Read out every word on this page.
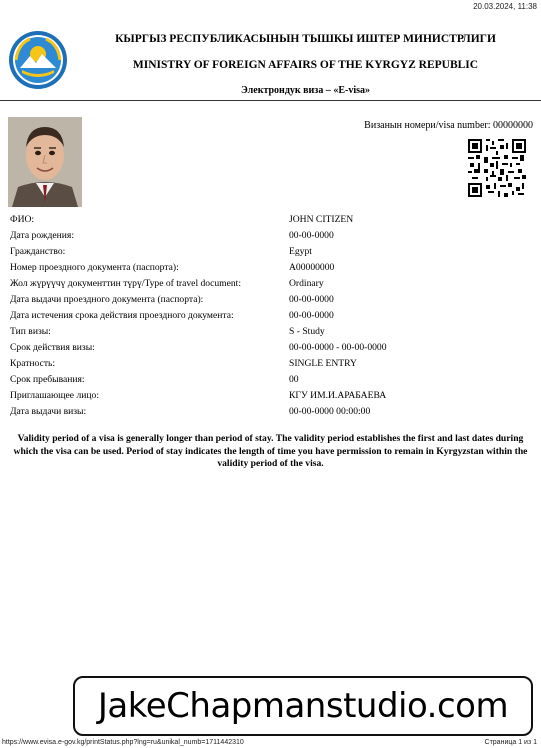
20.03.2024, 11:38
КЫРГЫЗ РЕСПУБЛИКАСЫНЫН ТЫШКЫ ИШТЕР МИНИСТРЛИГИ
MINISTRY OF FOREIGN AFFAIRS OF THE KYRGYZ REPUBLIC
Электрондук виза – «E-visa»
Визанын номери/visa number: 00000000
ФИО:	JOHN CITIZEN
Дата рождения:	00-00-0000
Гражданство:	Egypt
Номер проездного документа (паспорта):	A00000000
Жол жүрүүчү документтин түрү/Type of travel document:	Ordinary
Дата выдачи проездного документа (паспорта):	00-00-0000
Дата истечения срока действия проездного документа:	00-00-0000
Тип визы:	S - Study
Срок действия визы:	00-00-0000 - 00-00-0000
Кратность:	SINGLE ENTRY
Срок пребывания:	00
Приглашающее лицо:	КГУ ИМ.И.АРАБАЕВА
Дата выдачи визы:	00-00-0000 00:00:00
Validity period of a visa is generally longer than period of stay. The validity period establishes the first and last dates during which the visa can be used. Period of stay indicates the length of time you have permission to remain in Kyrgyzstan within the validity period of the visa.
JakeChapmanstudio.com
https://www.evisa.e-gov.kg/printStatus.php?lng=ru&unikal_numb=1711442310	Страница 1 из 1
